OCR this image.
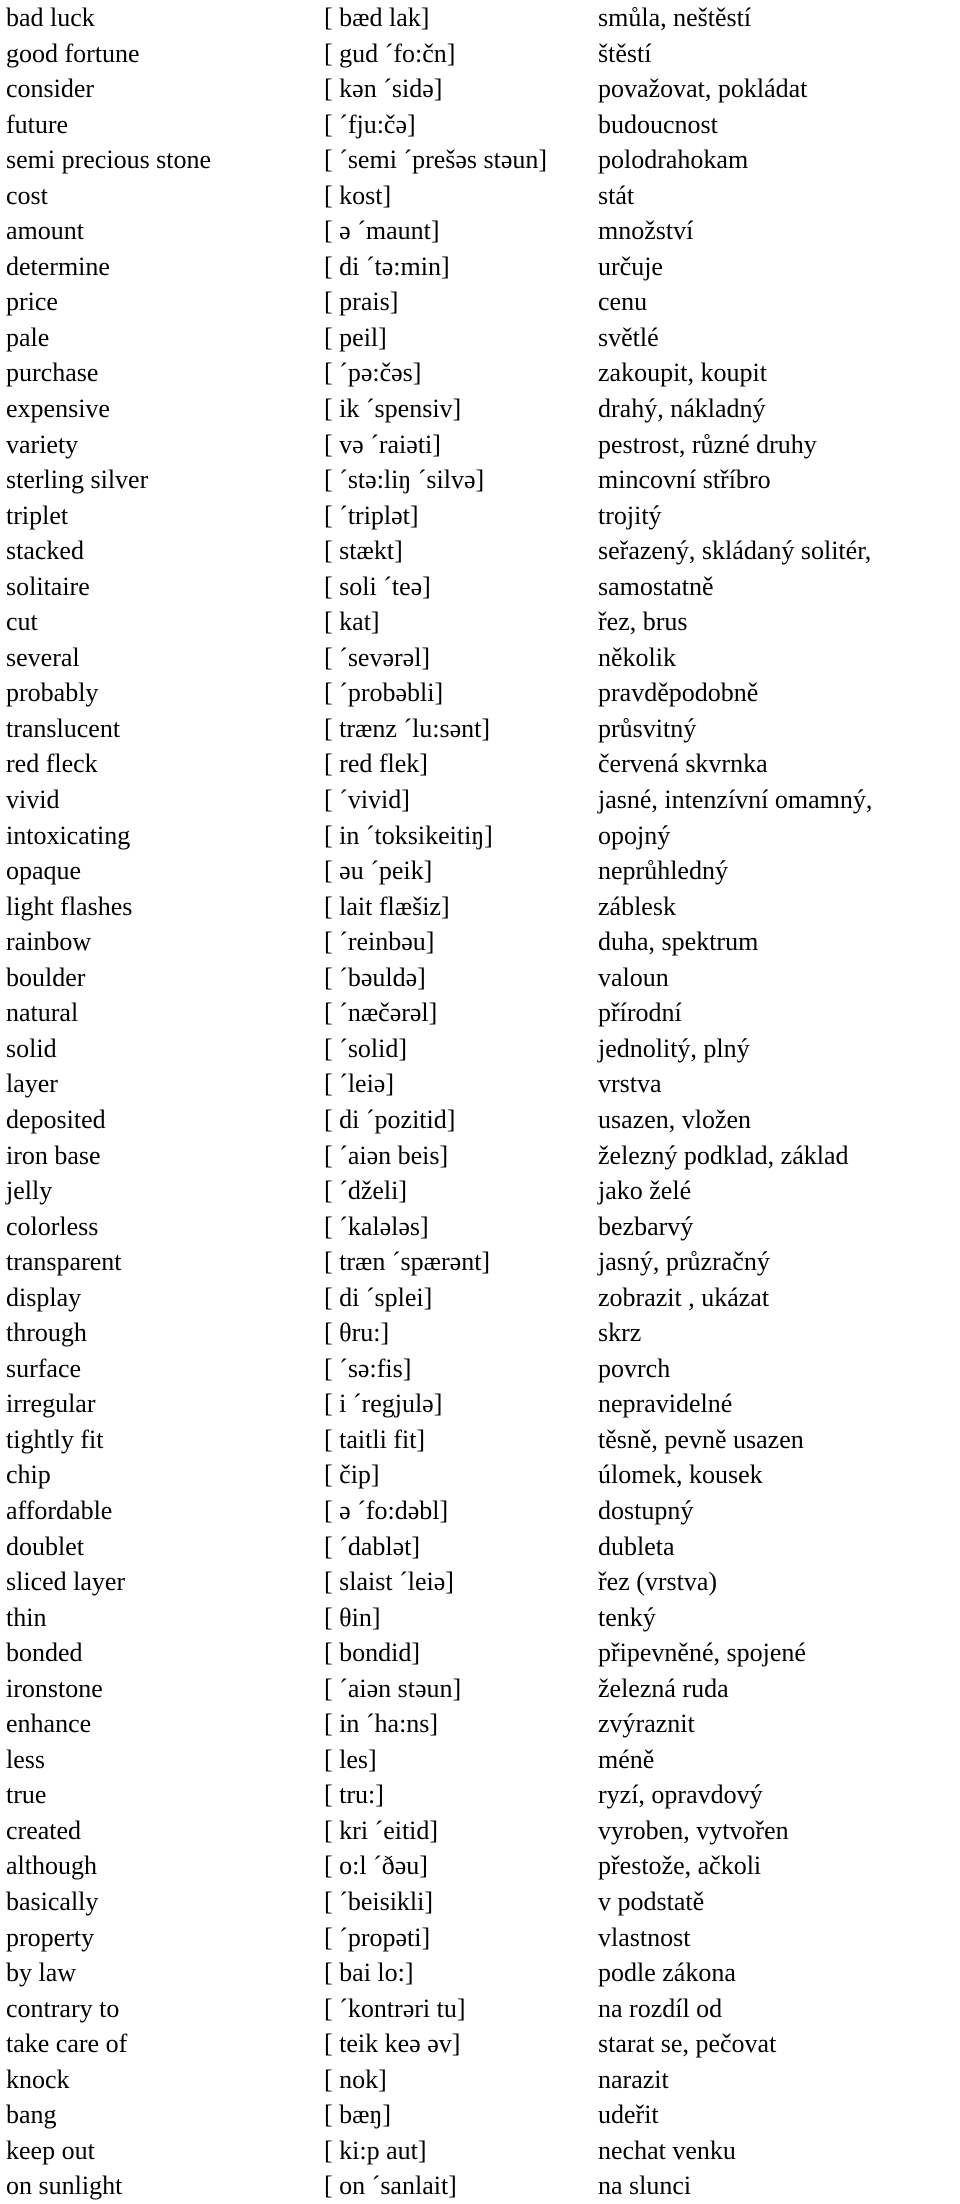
bad luck	[ bæd lak]	smůla, neštěstí
good fortune	[ gud ˊfo:čn]	štěstí
consider	[ kən ˊsidə]	považovat, pokládat
future	[ ˊfju:čə]	budoucnost
semi precious stone	[ ˊsemi ˊprešəs stəun] polodrahokam
cost	[ kost]	stát
amount	[ ə ˊmaunt]	množství
determine	[ di ˊtə:min]	určuje
price	[ prais]	cenu
pale	[ peil]	světlé
purchase	[ ˊpə:čəs]	zakoupit, koupit
expensive	[ ik ˊspensiv]	drahý, nákladný
variety	[ və ˊraiəti]	pestrost, různé druhy
sterling silver	[ ˊstə:liŋ ˊsilvə]	mincovní stříbro
triplet	[ ˊtriplət]	trojitý
stacked	[ stækt]	seřazený, skládaný solitér,
solitaire	[ soli ˊteə]	samostatně
cut	[ kat]	řez, brus
several	[ ˊsevərəl]	několik
probably	[ ˊprobəbli]	pravděpodobně
translucent	[ trænz ˊlu:sənt]	průsvitný
red fleck	[ red flek]	červená skvrnka
vivid	[ ˊvivid]	jasné, intenzívní omamný,
intoxicating	[ in ˊtoksikeitiŋ]	opojný
opaque	[ əu ˊpeik]	neprůhledný
light flashes	[ lait flæšiz]	záblesk
rainbow	[ ˊreinbəu]	duha, spektrum
boulder	[ ˊbəuldə]	valoun
natural	[ ˊnæčərəl]	přírodní
solid	[ ˊsolid]	jednolitý, plný
layer	[ ˊleiə]	vrstva
deposited	[ di ˊpozitid]	usazen, vložen
iron base	[ ˊaiən beis]	železný podklad, základ
jelly	[ ˊdželi]	jako želé
colorless	[ ˊkaləlǝs]	bezbarvý
transparent	[ træn ˊspærənt]	jasný, průzračný
display	[ di ˊsplei]	zobrazit , ukázat
through	[ θru:]	skrz
surface	[ ˊsə:fis]	povrch
irregular	[ i ˊregjulə]	nepravidelné
tightly fit	[ taitli fit]	těsně, pevně usazen
chip	[ čip]	úlomek, kousek
affordable	[ ə ˊfo:dəbl]	dostupný
doublet	[ ˊdablət]	dubleta
sliced layer	[ slaist ˊleiə]	řez (vrstva)
thin	[ θin]	tenký
bonded	[ bondid]	připevněné, spojené
ironstone	[ ˊaiən stəun]	železná ruda
enhance	[ in ˊha:ns]	zvýraznit
less	[ les]	méně
true	[ tru:]	ryzí, opravdový
created	[ kri ˊeitid]	vyroben, vytvořen
although	[ o:l ˊðəu]	přestože, ačkoli
basically	[ ˊbeisikli]	v podstatě
property	[ ˊpropəti]	vlastnost
by law	[ bai lo:]	podle zákona
contrary to	[ ˊkontrəri tu]	na rozdíl od
take care of	[ teik keə əv]	starat se, pečovat
knock	[ nok]	narazit
bang	[ bæŋ]	udeřit
keep out	[ ki:p aut]	nechat venku
on sunlight	[ on ˊsanlait]	na slunci
